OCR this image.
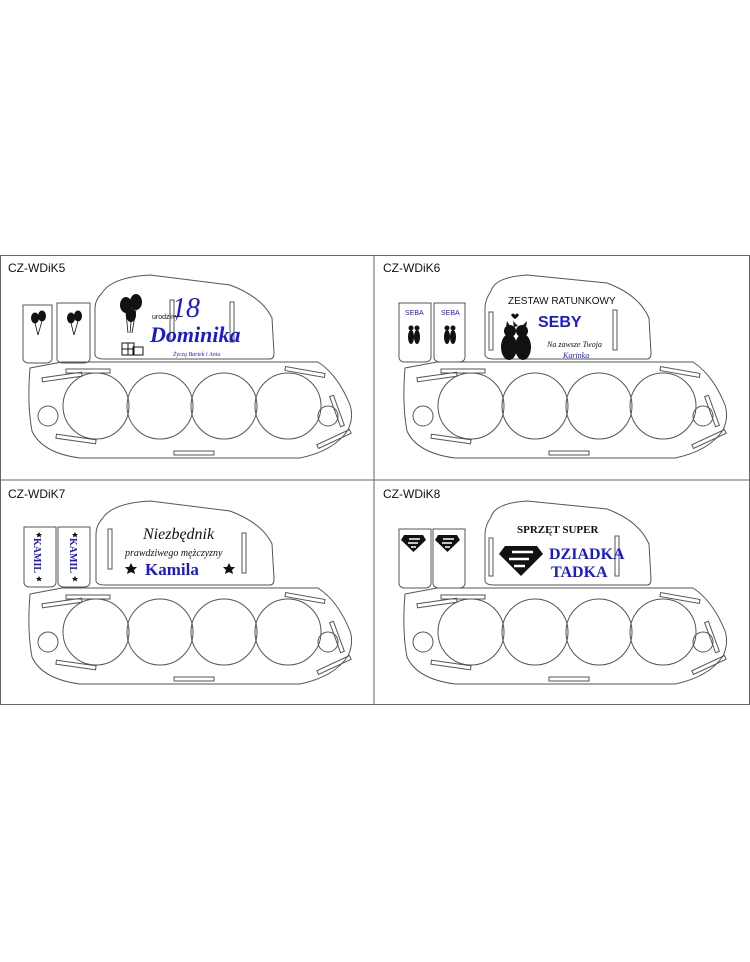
18
urodziny
Dominika
Życzą Bartek i Ania
CZ-WDiK5
SEBA SEBA
ZESTAW RATUNKOWY
SEBY
Na zawsze Twoja
Karinka
CZ-WDiK6
KAMIL	KAMIL
Niezbędnik
prawdziwego mężczyzny
Kamila
CZ-WDiK7
SPRZĘT SUPER
DZIADKA
TADKA
CZ-WDiK8
